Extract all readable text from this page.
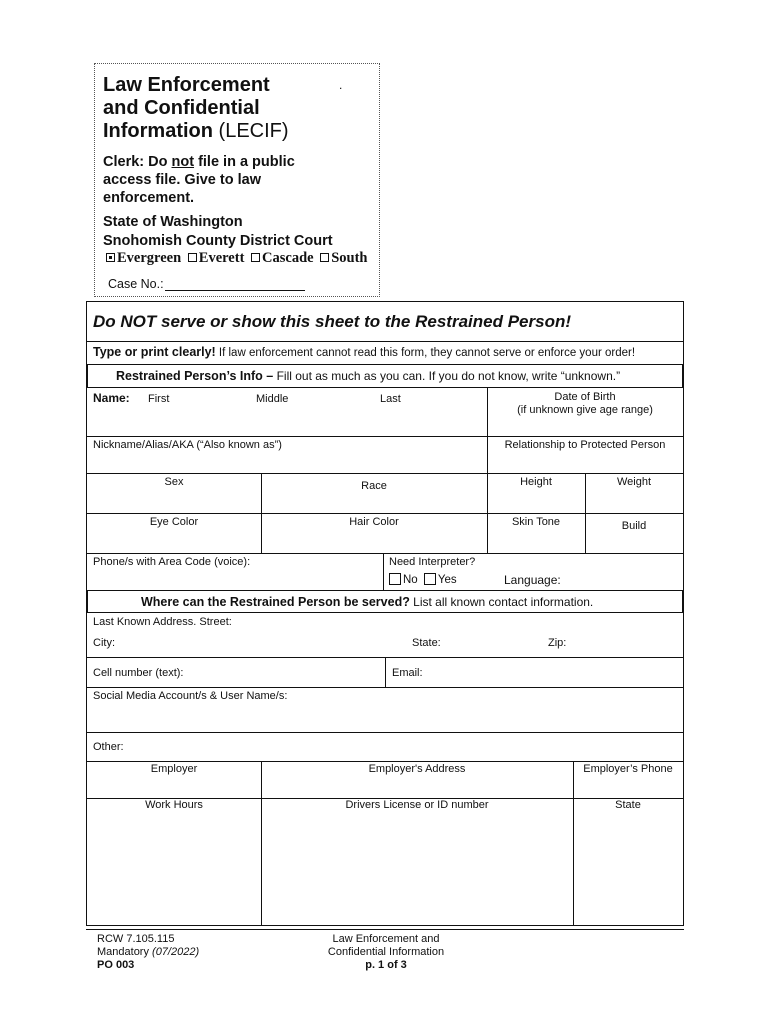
Law Enforcement
and Confidential
Information (LECIF)
.
Clerk: Do not file in a public access file. Give to law enforcement.
State of Washington
Snohomish County District Court
Evergreen Everett Cascade South
Case No.:
Do NOT serve or show this sheet to the Restrained Person!
Type or print clearly! If law enforcement cannot read this form, they cannot serve or enforce your order!
Restrained Person’s Info – Fill out as much as you can. If you do not know, write “unknown.”
Name: First	Middle	Last	Date of Birth
(if unknown give age range)
Nickname/Alias/AKA (“Also known as”)	Relationship to Protected Person
Sex	Race	Height	Weight
Eye Color	Hair Color	Skin Tone	Build
Phone/s with Area Code (voice):	Need Interpreter?
No Yes	Language:
Where can the Restrained Person be served? List all known contact information.
Last Known Address. Street:
City:	State:	Zip:
Cell number (text):	Email:
Social Media Account/s & User Name/s:
Other:
Employer	Employer's Address	Employer’s Phone
Work Hours	Drivers License or ID number	State
RCW 7.105.115
Mandatory (07/2022)
PO 003
Law Enforcement and
Confidential Information
p. 1 of 3
